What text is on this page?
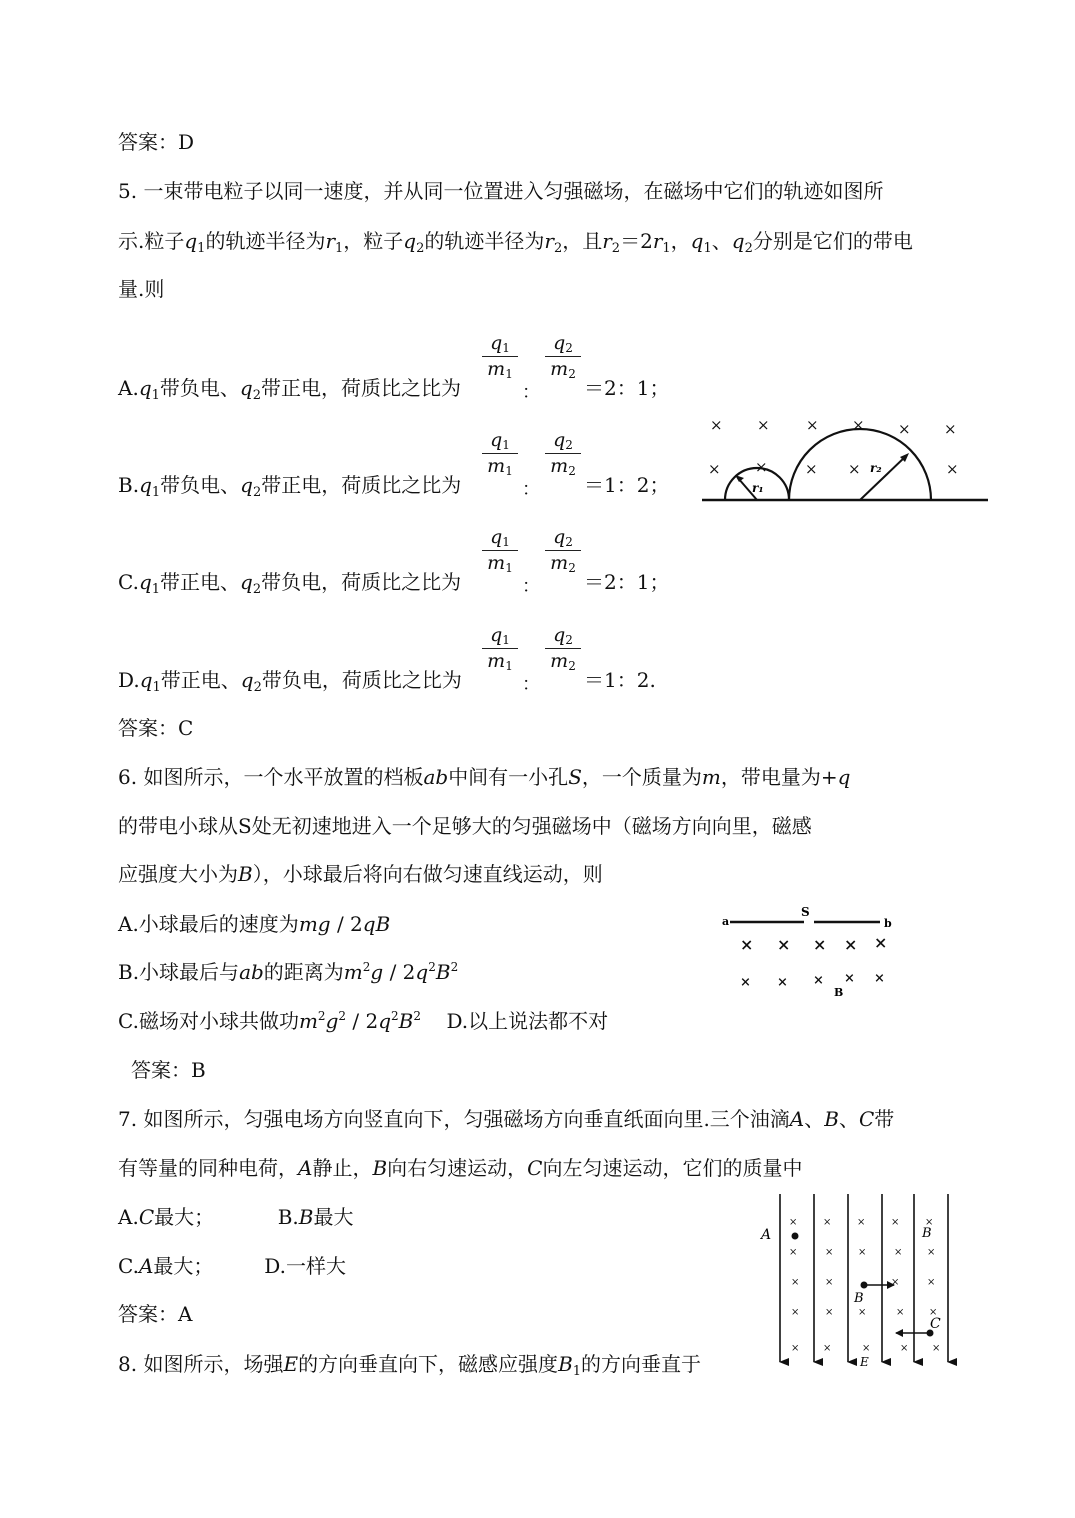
答案：D
5. 一束带电粒子以同一速度，并从同一位置进入匀强磁场，在磁场中它们的轨迹如图所
示.粒子$q_1$的轨迹半径为$r_1$，粒子$q_2$的轨迹半径为$r_2$，且$r_2=2r_1$，$q_1$、$q_2$分别是它们的带电
量.则
$A.q_1$带负电、$q_2$带正电，荷质比之比为
$\frac{q_1}{m_1}$
：
$\frac{q_2}{m_2}$
＝2：1；
$B.q_1$带负电、$q_2$带正电，荷质比之比为
$\frac{q_1}{m_1}$
：
$\frac{q_2}{m_2}$
＝1：2；
$C.q_1$带正电、$q_2$带负电，荷质比之比为
$\frac{q_1}{m_1}$
：
$\frac{q_2}{m_2}$
＝2：1；
$D.q_1$带正电、$q_2$带负电，荷质比之比为
$\frac{q_1}{m_1}$
：
$\frac{q_2}{m_2}$
＝1：2.
答案：C
× × × × × ×
× × × ×	×
r₁
r₂
6. 如图所示，一个水平放置的档板ab中间有一小孔S，一个质量为m，带电量为+q
的带电小球从S处无初速地进入一个足够大的匀强磁场中（磁场方向向里，磁感
应强度大小为B），小球最后将向右做匀速直线运动，则
A.小球最后的速度为mg / 2qB
B.小球最后与ab的距离为$m^2g / 2q^2B^2$
C.磁场对小球共做功$m^2g^2 / 2q^2B^2$ D.以上说法都不对
答案：B
a
S
b
× × × × ×
× × × × ×
B
7. 如图所示，匀强电场方向竖直向下，匀强磁场方向垂直纸面向里.三个油滴A、B、C带
有等量的同种电荷，A静止，B向右匀速运动，C向左匀速运动，它们的质量中
A.C最大；          B.B最大
C.A最大；	D.一样大
答案：A
×	×	×	×	×
×	× ×	× ×
×	×	×	×
×	× ×	× ×
× ×	×	× ×
A
B
B
C
E
8. 如图所示，场强E的方向垂直向下，磁感应强度$B_1$的方向垂直于
